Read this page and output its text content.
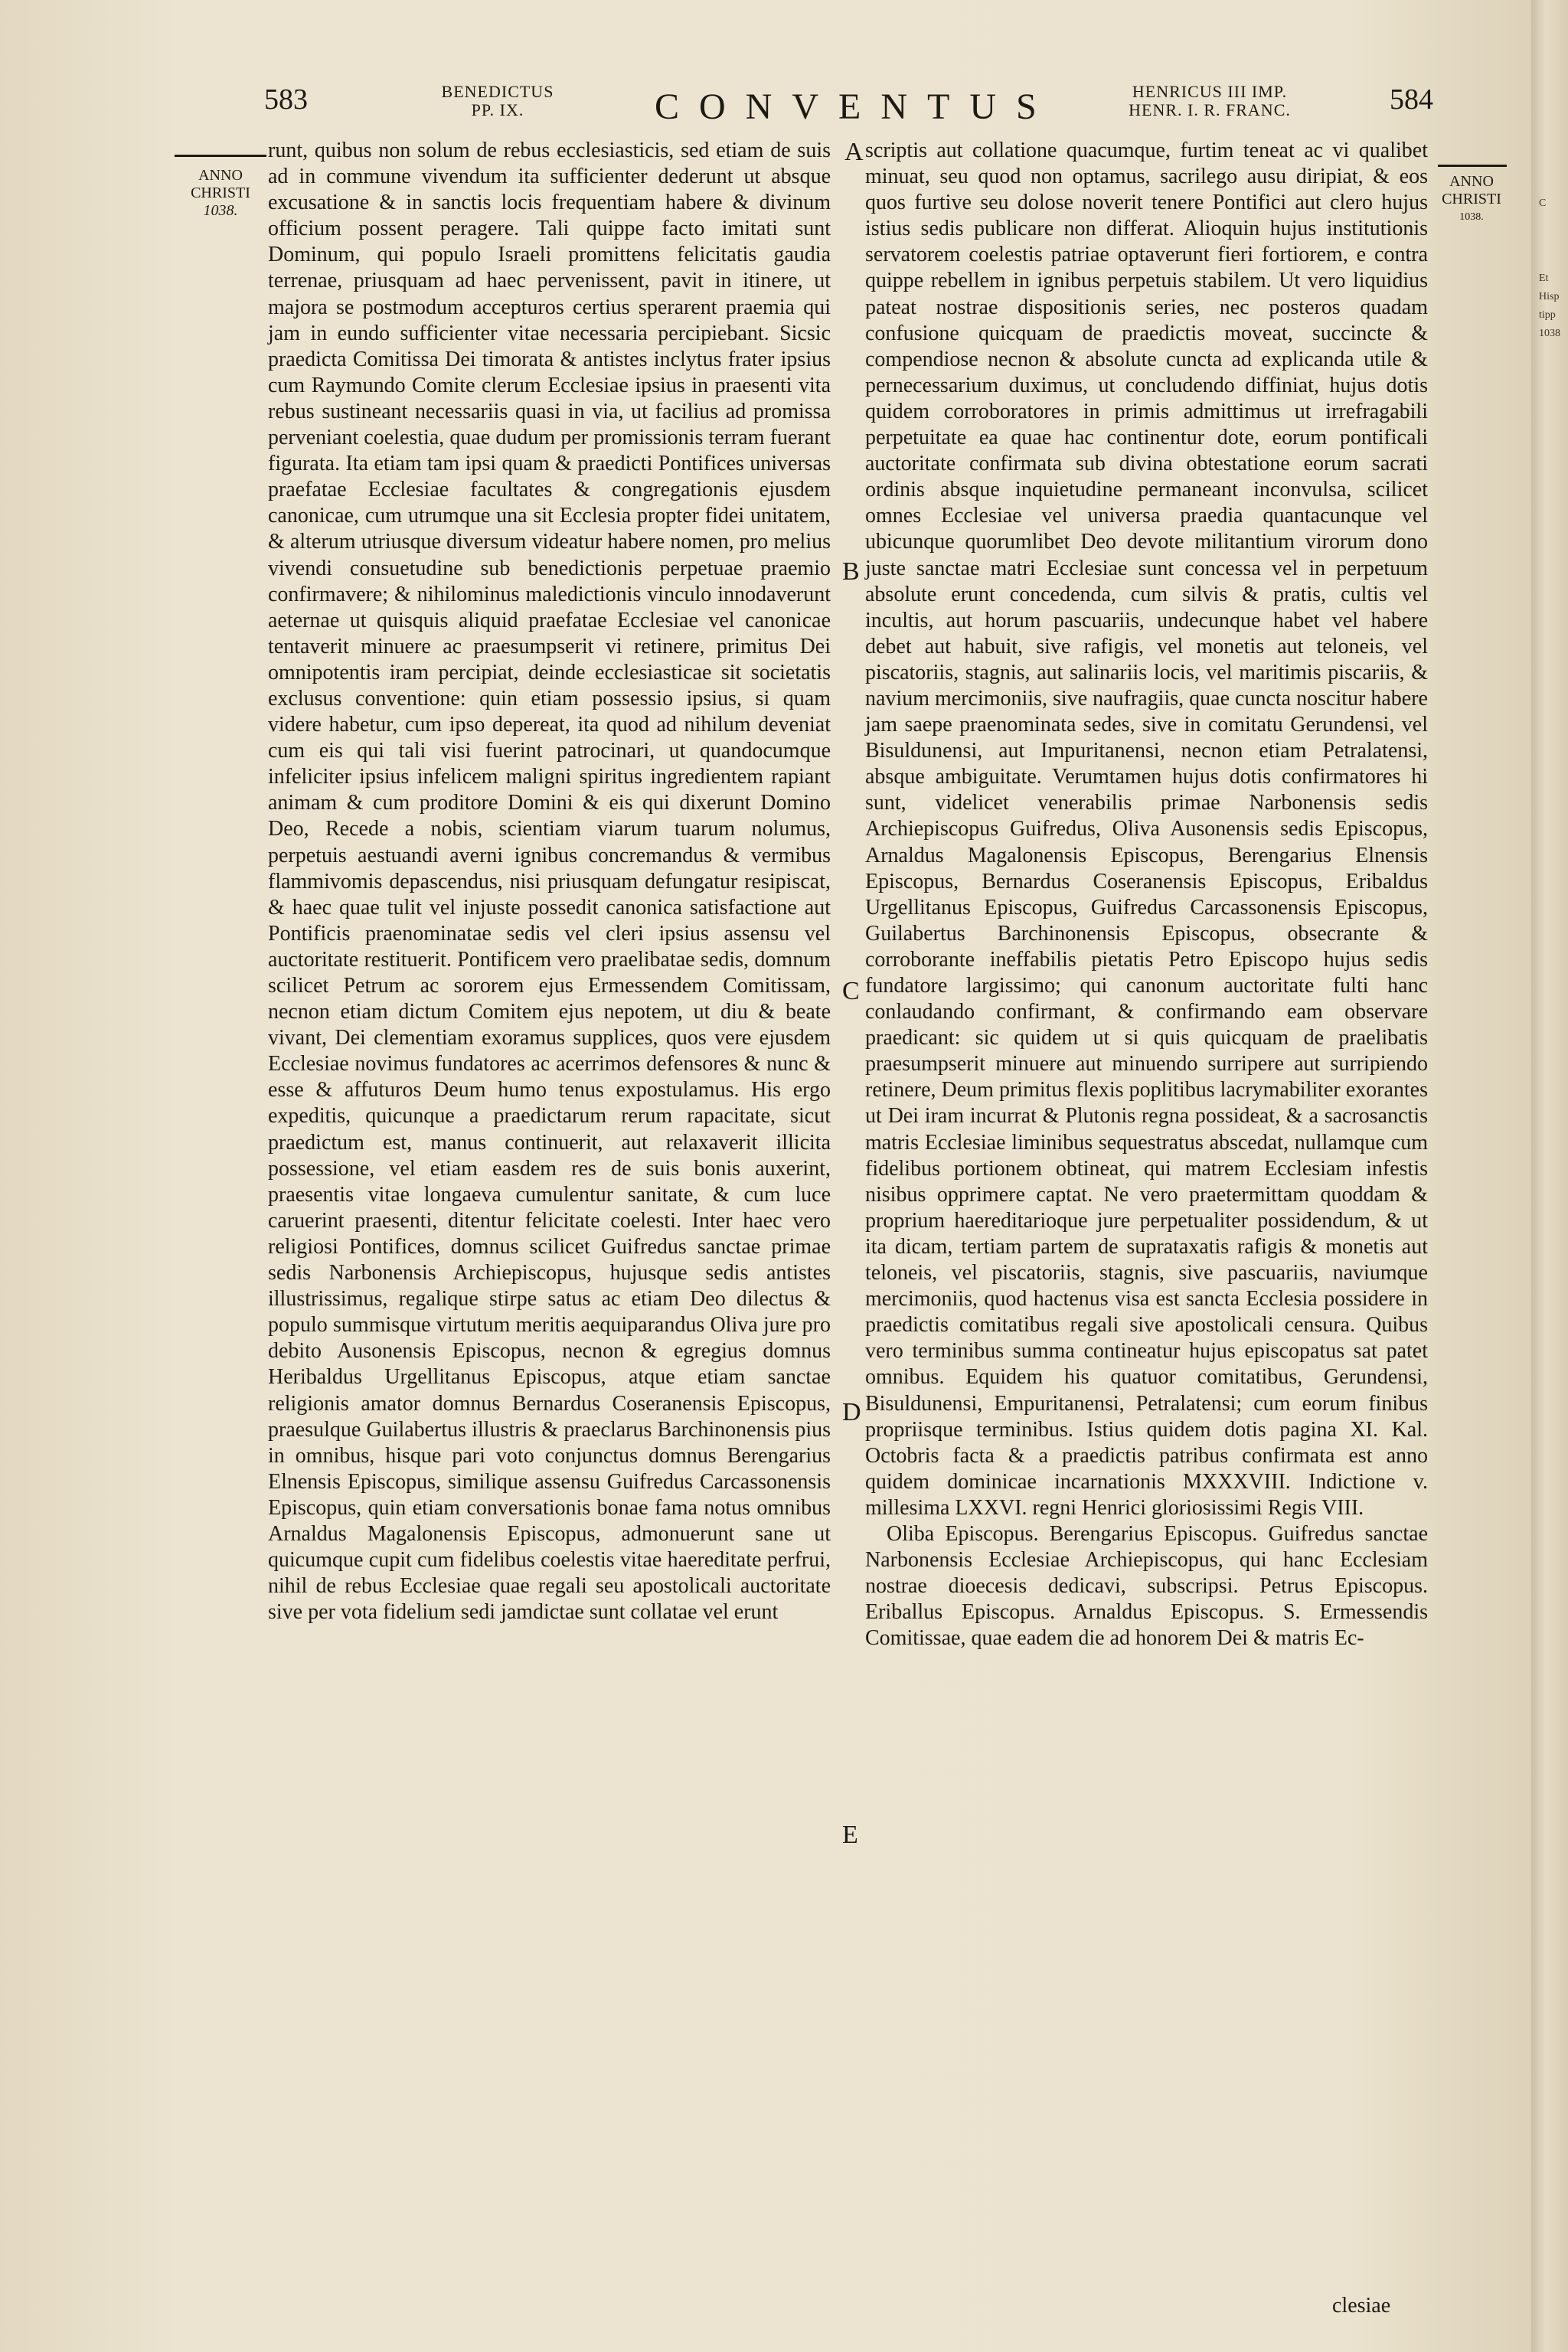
583	BENEDICTUS
PP. IX.	CONVENTUS	HENRICUS III IMP.
HENR. I. R. FRANC.	584
ANNO
CHRISTI
1038.
ANNO
CHRISTI
1038.

runt, quibus non solum de rebus ecclesiasticis, sed etiam de suis ad in commune vivendum ita sufficienter dederunt ut absque excusatione & in sanctis locis frequentiam habere & divinum officium possent peragere. Tali quippe facto imitati sunt Dominum, qui populo Israeli promittens felicitatis gaudia terrenae, priusquam ad haec pervenissent, pavit in itinere, ut majora se postmodum accepturos certius sperarent praemia qui jam in eundo sufficienter vitae necessaria percipiebant. Sicsic praedicta Comitissa Dei timorata & antistes inclytus frater ipsius cum Raymundo Comite clerum Ecclesiae ipsius in praesenti vita rebus sustineant necessariis quasi in via, ut facilius ad promissa perveniant coelestia, quae dudum per promissionis terram fuerant figurata. Ita etiam tam ipsi quam & praedicti Pontifices universas praefatae Ecclesiae facultates & congregationis ejusdem canonicae, cum utrumque una sit Ecclesia propter fidei unitatem, & alterum utriusque diversum videatur habere nomen, pro melius vivendi consuetudine sub benedictionis perpetuae praemio confirmavere; & nihilominus maledictionis vinculo innodaverunt aeternae ut quisquis aliquid praefatae Ecclesiae vel canonicae tentaverit minuere ac praesumpserit vi retinere, primitus Dei omnipotentis iram percipiat, deinde ecclesiasticae sit societatis exclusus conventione: quin etiam possessio ipsius, si quam videre habetur, cum ipso depereat, ita quod ad nihilum deveniat cum eis qui tali visi fuerint patrocinari, ut quandocumque infeliciter ipsius infelicem maligni spiritus ingredientem rapiant animam & cum proditore Domini & eis qui dixerunt Domino Deo, Recede a nobis, scientiam viarum tuarum nolumus, perpetuis aestuandi averni ignibus concremandus & vermibus flammivomis depascendus, nisi priusquam defungatur resipiscat, & haec quae tulit vel injuste possedit canonica satisfactione aut Pontificis praenominatae sedis vel cleri ipsius assensu vel auctoritate restituerit. Pontificem vero praelibatae sedis, domnum scilicet Petrum ac sororem ejus Ermessendem Comitissam, necnon etiam dictum Comitem ejus nepotem, ut diu & beate vivant, Dei clementiam exoramus supplices, quos vere ejusdem Ecclesiae novimus fundatores ac acerrimos defensores & nunc & esse & affuturos Deum humo tenus expostulamus. His ergo expeditis, quicunque a praedictarum rerum rapacitate, sicut praedictum est, manus continuerit, aut relaxaverit illicita possessione, vel etiam easdem res de suis bonis auxerint, praesentis vitae longaeva cumulentur sanitate, & cum luce caruerint praesenti, ditentur felicitate coelesti. Inter haec vero religiosi Pontifices, domnus scilicet Guifredus sanctae primae sedis Narbonensis Archiepiscopus, hujusque sedis antistes illustrissimus, regalique stirpe satus ac etiam Deo dilectus & populo summisque virtutum meritis aequiparandus Oliva jure pro debito Ausonensis Episcopus, necnon & egregius domnus Heribaldus Urgellitanus Episcopus, atque etiam sanctae religionis amator domnus Bernardus Coseranensis Episcopus, praesulque Guilabertus illustris & praeclarus Barchinonensis pius in omnibus, hisque pari voto conjunctus domnus Berengarius Elnensis Episcopus, similique assensu Guifredus Carcassonensis Episcopus, quin etiam conversationis bonae fama notus omnibus Arnaldus Magalonensis Episcopus, admonuerunt sane ut quicumque cupit cum fidelibus coelestis vitae haereditate perfrui, nihil de rebus Ecclesiae quae regali seu apostolicali auctoritate sive per vota fidelium sedi jamdictae sunt collatae vel erunt

A
B
C
D
E

scriptis aut collatione quacumque, furtim teneat ac vi qualibet minuat, seu quod non optamus, sacrilego ausu diripiat, & eos quos furtive seu dolose noverit tenere Pontifici aut clero hujus istius sedis publicare non differat. Alioquin hujus institutionis servatorem coelestis patriae optaverunt fieri fortiorem, e contra quippe rebellem in ignibus perpetuis stabilem. Ut vero liquidius pateat nostrae dispositionis series, nec posteros quadam confusione quicquam de praedictis moveat, succincte & compendiose necnon & absolute cuncta ad explicanda utile & pernecessarium duximus, ut concludendo diffiniat, hujus dotis quidem corroboratores in primis admittimus ut irrefragabili perpetuitate ea quae hac continentur dote, eorum pontificali auctoritate confirmata sub divina obtestatione eorum sacrati ordinis absque inquietudine permaneant inconvulsa, scilicet omnes Ecclesiae vel universa praedia quantacunque vel ubicunque quorumlibet Deo devote militantium virorum dono juste sanctae matri Ecclesiae sunt concessa vel in perpetuum absolute erunt concedenda, cum silvis & pratis, cultis vel incultis, aut horum pascuariis, undecunque habet vel habere debet aut habuit, sive rafigis, vel monetis aut teloneis, vel piscatoriis, stagnis, aut salinariis locis, vel maritimis piscariis, & navium mercimoniis, sive naufragiis, quae cuncta noscitur habere jam saepe praenominata sedes, sive in comitatu Gerundensi, vel Bisuldunensi, aut Impuritanensi, necnon etiam Petralatensi, absque ambiguitate. Verumtamen hujus dotis confirmatores hi sunt, videlicet venerabilis primae Narbonensis sedis Archiepiscopus Guifredus, Oliva Ausonensis sedis Episcopus, Arnaldus Magalonensis Episcopus, Berengarius Elnensis Episcopus, Bernardus Coseranensis Episcopus, Eribaldus Urgellitanus Episcopus, Guifredus Carcassonensis Episcopus, Guilabertus Barchinonensis Episcopus, obsecrante & corroborante ineffabilis pietatis Petro Episcopo hujus sedis fundatore largissimo; qui canonum auctoritate fulti hanc conlaudando confirmant, & confirmando eam observare praedicant: sic quidem ut si quis quicquam de praelibatis praesumpserit minuere aut minuendo surripere aut surripiendo retinere, Deum primitus flexis poplitibus lacrymabiliter exorantes ut Dei iram incurrat & Plutonis regna possideat, & a sacrosanctis matris Ecclesiae liminibus sequestratus abscedat, nullamque cum fidelibus portionem obtineat, qui matrem Ecclesiam infestis nisibus opprimere captat. Ne vero praetermittam quoddam & proprium haereditarioque jure perpetualiter possidendum, & ut ita dicam, tertiam partem de suprataxatis rafigis & monetis aut teloneis, vel piscatoriis, stagnis, sive pascuariis, naviumque mercimoniis, quod hactenus visa est sancta Ecclesia possidere in praedictis comitatibus regali sive apostolicali censura. Quibus vero terminibus summa contineatur hujus episcopatus sat patet omnibus. Equidem his quatuor comitatibus, Gerundensi, Bisuldunensi, Empuritanensi, Petralatensi; cum eorum finibus propriisque terminibus. Istius quidem dotis pagina XI. Kal. Octobris facta & a praedictis patribus confirmata est anno quidem dominicae incarnationis MXXXVIII. Indictione v. millesima LXXVI. regni Henrici gloriosissimi Regis VIII.

Oliba Episcopus. Berengarius Episcopus. Guifredus sanctae Narbonensis Ecclesiae Archiepiscopus, qui hanc Ecclesiam nostrae dioecesis dedicavi, subscripsi. Petrus Episcopus. Eriballus Episcopus. Arnaldus Episcopus. S. Ermessendis Comitissae, quae eadem die ad honorem Dei & matris Ec-

clesiae
C
Et
Hisp
tipp
1038
